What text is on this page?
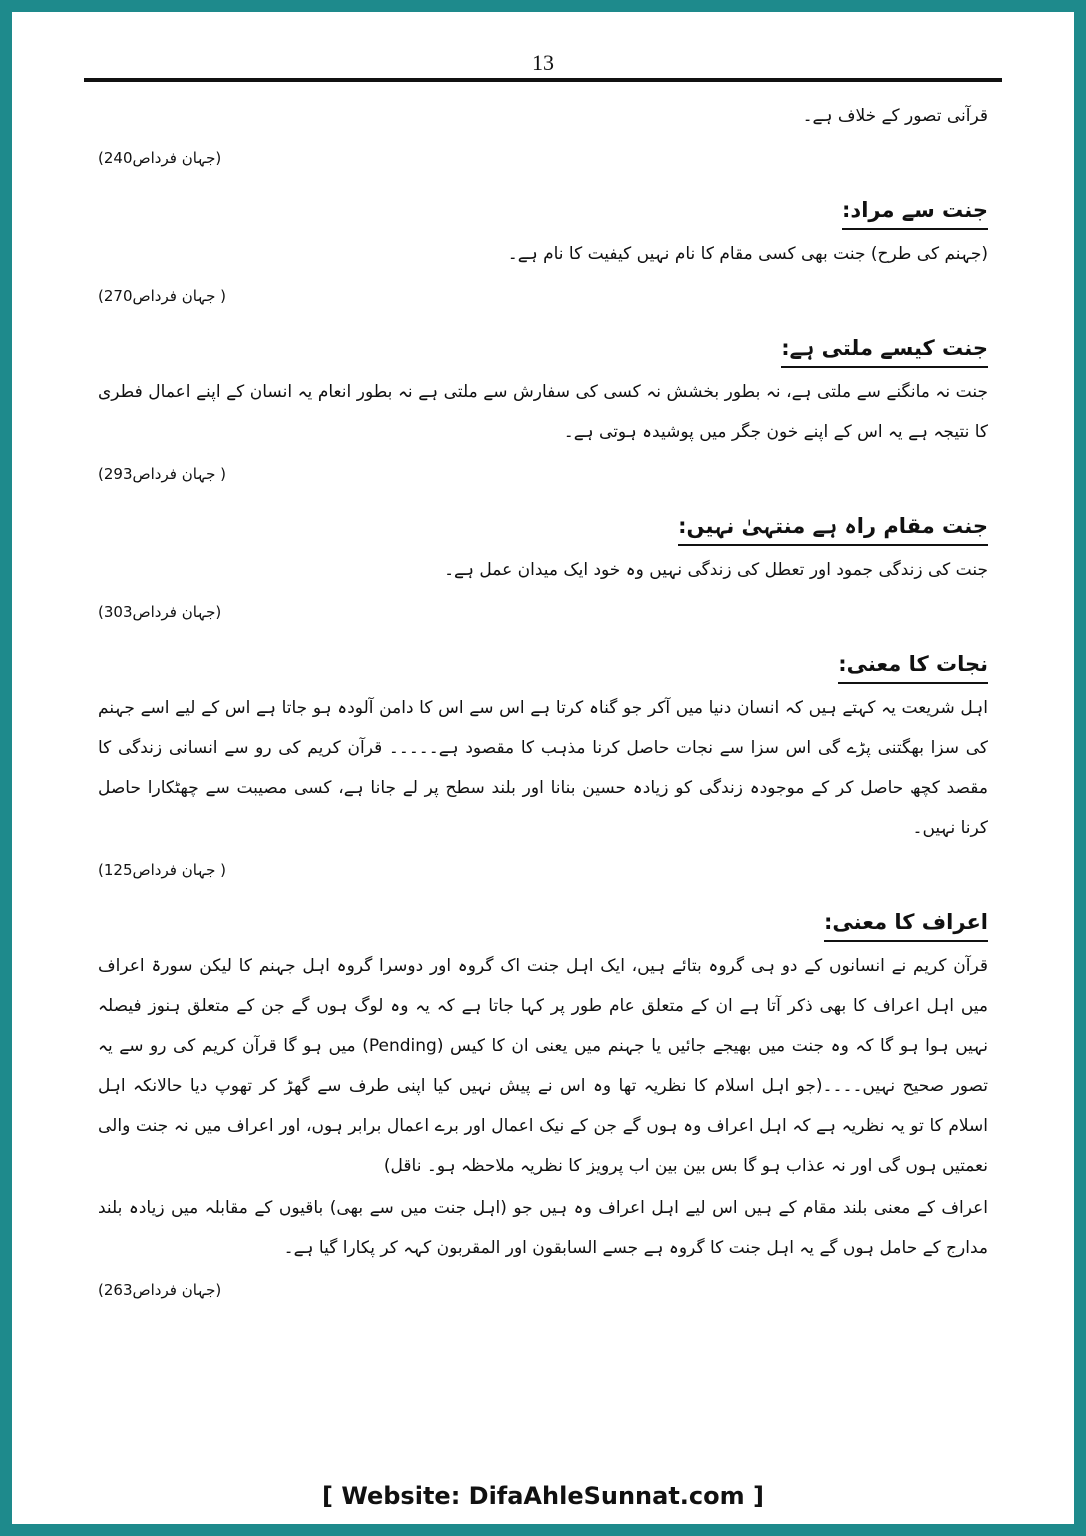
13

قرآنی تصور کے خلاف ہے۔

(جہان فرداص240)
جنت سے مراد:

(جہنم کی طرح) جنت بھی کسی مقام کا نام نہیں کیفیت کا نام ہے۔

(جہان فرداص270 )
جنت کیسے ملتی ہے:

جنت نہ مانگنے سے ملتی ہے، نہ بطور بخشش نہ کسی کی سفارش سے ملتی ہے نہ بطور انعام یہ انسان کے اپنے اعمال فطری کا نتیجہ ہے یہ اس کے اپنے خون جگر میں پوشیدہ ہوتی ہے۔

(جہان فرداص293 )
جنت مقام راہ ہے منتہیٰ نہیں:

جنت کی زندگی جمود اور تعطل کی زندگی نہیں وہ خود ایک میدان عمل ہے۔

(جہان فرداص303)
نجات کا معنی:

اہل شریعت یہ کہتے ہیں کہ انسان دنیا میں آکر جو گناہ کرتا ہے اس سے اس کا دامن آلودہ ہو جاتا ہے اس کے لیے اسے جہنم کی سزا بھگتنی پڑے گی اس سزا سے نجات حاصل کرنا مذہب کا مقصود ہے۔۔۔۔۔ قرآن کریم کی رو سے انسانی زندگی کا مقصد کچھ حاصل کر کے موجودہ زندگی کو زیادہ حسین بنانا اور بلند سطح پر لے جانا ہے، کسی مصیبت سے چھٹکارا حاصل کرنا نہیں۔

(جہان فرداص125 )
اعراف کا معنی:

قرآن کریم نے انسانوں کے دو ہی گروہ بتائے ہیں، ایک اہل جنت اک گروہ اور دوسرا گروہ اہل جہنم کا لیکن سورۃ اعراف میں اہل اعراف کا بھی ذکر آتا ہے ان کے متعلق عام طور پر کہا جاتا ہے کہ یہ وہ لوگ ہوں گے جن کے متعلق ہنوز فیصلہ نہیں ہوا ہو گا کہ وہ جنت میں بھیجے جائیں یا جہنم میں یعنی ان کا کیس (Pending) میں ہو گا قرآن کریم کی رو سے یہ تصور صحیح نہیں۔۔۔۔(جو اہل اسلام کا نظریہ تھا وہ اس نے پیش نہیں کیا اپنی طرف سے گھڑ کر تھوپ دیا حالانکہ اہل اسلام کا تو یہ نظریہ ہے کہ اہل اعراف وہ ہوں گے جن کے نیک اعمال اور برے اعمال برابر ہوں، اور اعراف میں نہ جنت والی نعمتیں ہوں گی اور نہ عذاب ہو گا بس بین بین اب پرویز کا نظریہ ملاحظہ ہو۔ ناقل)

اعراف کے معنی بلند مقام کے ہیں اس لیے اہل اعراف وہ ہیں جو (اہل جنت میں سے بھی) باقیوں کے مقابلہ میں زیادہ بلند مدارج کے حامل ہوں گے یہ اہل جنت کا گروہ ہے جسے السابقون اور المقربون کہہ کر پکارا گیا ہے۔

(جہان فرداص263)
[ Website: DifaAhleSunnat.com ]
